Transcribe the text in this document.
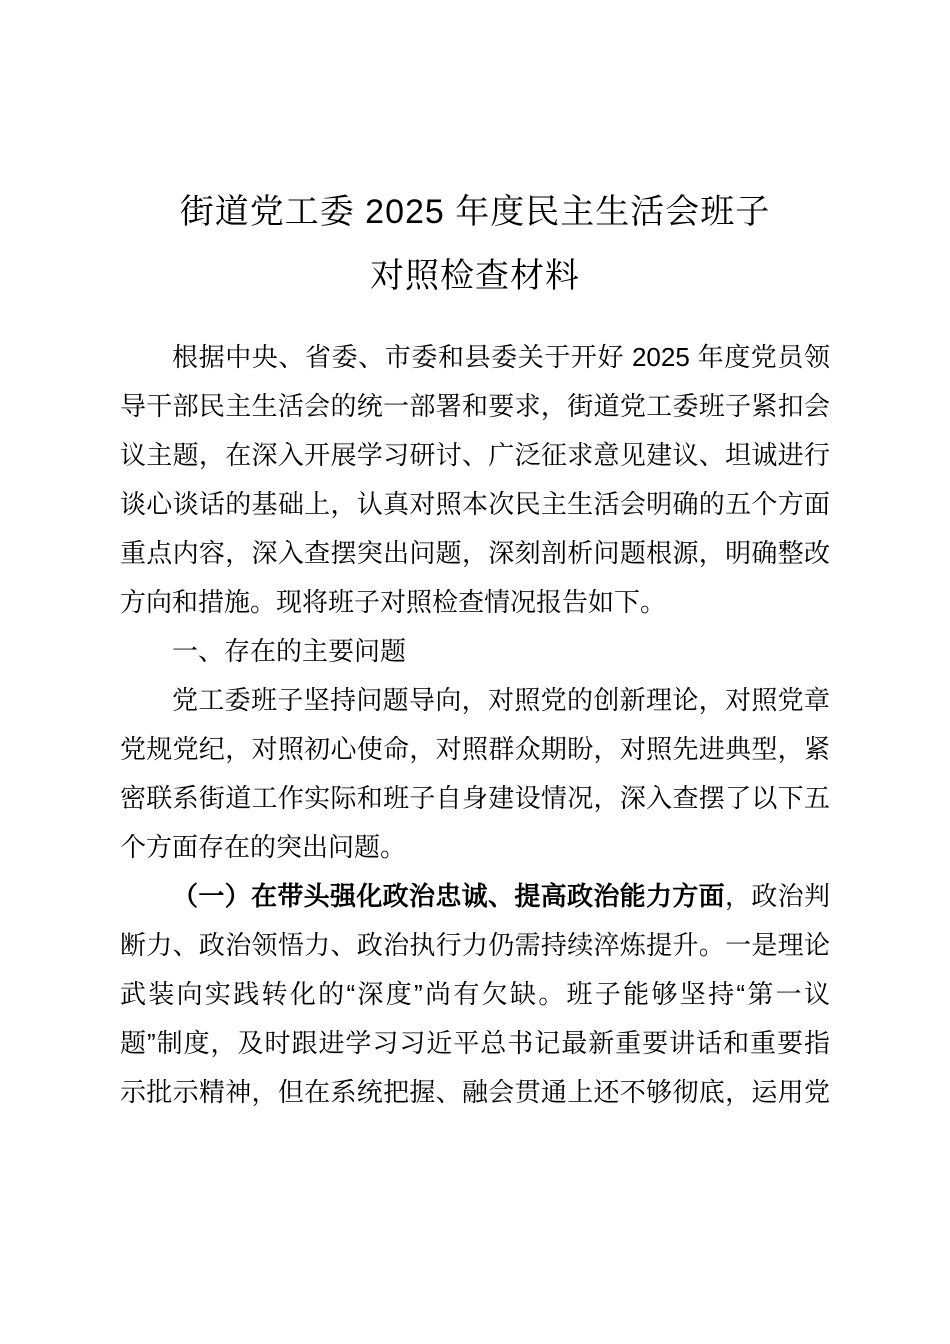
街道党工委 2025 年度民主生活会班子
对照检查材料
根据中央、省委、市委和县委关于开好 2025 年度党员领
导干部民主生活会的统一部署和要求，街道党工委班子紧扣会
议主题，在深入开展学习研讨、广泛征求意见建议、坦诚进行
谈心谈话的基础上，认真对照本次民主生活会明确的五个方面
重点内容，深入查摆突出问题，深刻剖析问题根源，明确整改
方向和措施。现将班子对照检查情况报告如下。
一、存在的主要问题
党工委班子坚持问题导向，对照党的创新理论，对照党章
党规党纪，对照初心使命，对照群众期盼，对照先进典型，紧
密联系街道工作实际和班子自身建设情况，深入查摆了以下五
个方面存在的突出问题。
（一）在带头强化政治忠诚、提高政治能力方面，政治判
断力、政治领悟力、政治执行力仍需持续淬炼提升。一是理论
武装向实践转化的“深度”尚有欠缺。班子能够坚持“第一议
题”制度，及时跟进学习习近平总书记最新重要讲话和重要指
示批示精神，但在系统把握、融会贯通上还不够彻底，运用党
